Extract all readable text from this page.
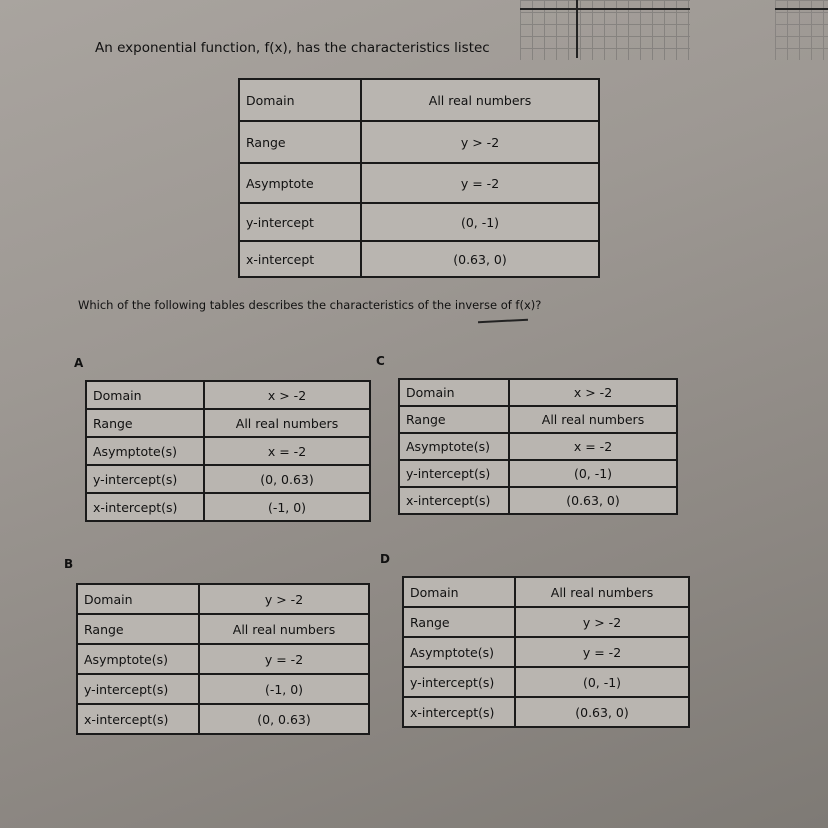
An exponential function, f(x), has the characteristics listec
Domain	All real numbers
Range	y > -2
Asymptote	y = -2
y-intercept	(0, -1)
x-intercept	(0.63, 0)
Which of the following tables describes the characteristics of the inverse of f(x)?
A
Domain	x > -2
Range	All real numbers
Asymptote(s)	x = -2
y-intercept(s)	(0, 0.63)
x-intercept(s)	(-1, 0)
C
Domain	x > -2
Range	All real numbers
Asymptote(s)	x = -2
y-intercept(s)	(0, -1)
x-intercept(s)	(0.63, 0)
B
Domain	y > -2
Range	All real numbers
Asymptote(s)	y = -2
y-intercept(s)	(-1, 0)
x-intercept(s)	(0, 0.63)
D
Domain	All real numbers
Range	y > -2
Asymptote(s)	y = -2
y-intercept(s)	(0, -1)
x-intercept(s)	(0.63, 0)
